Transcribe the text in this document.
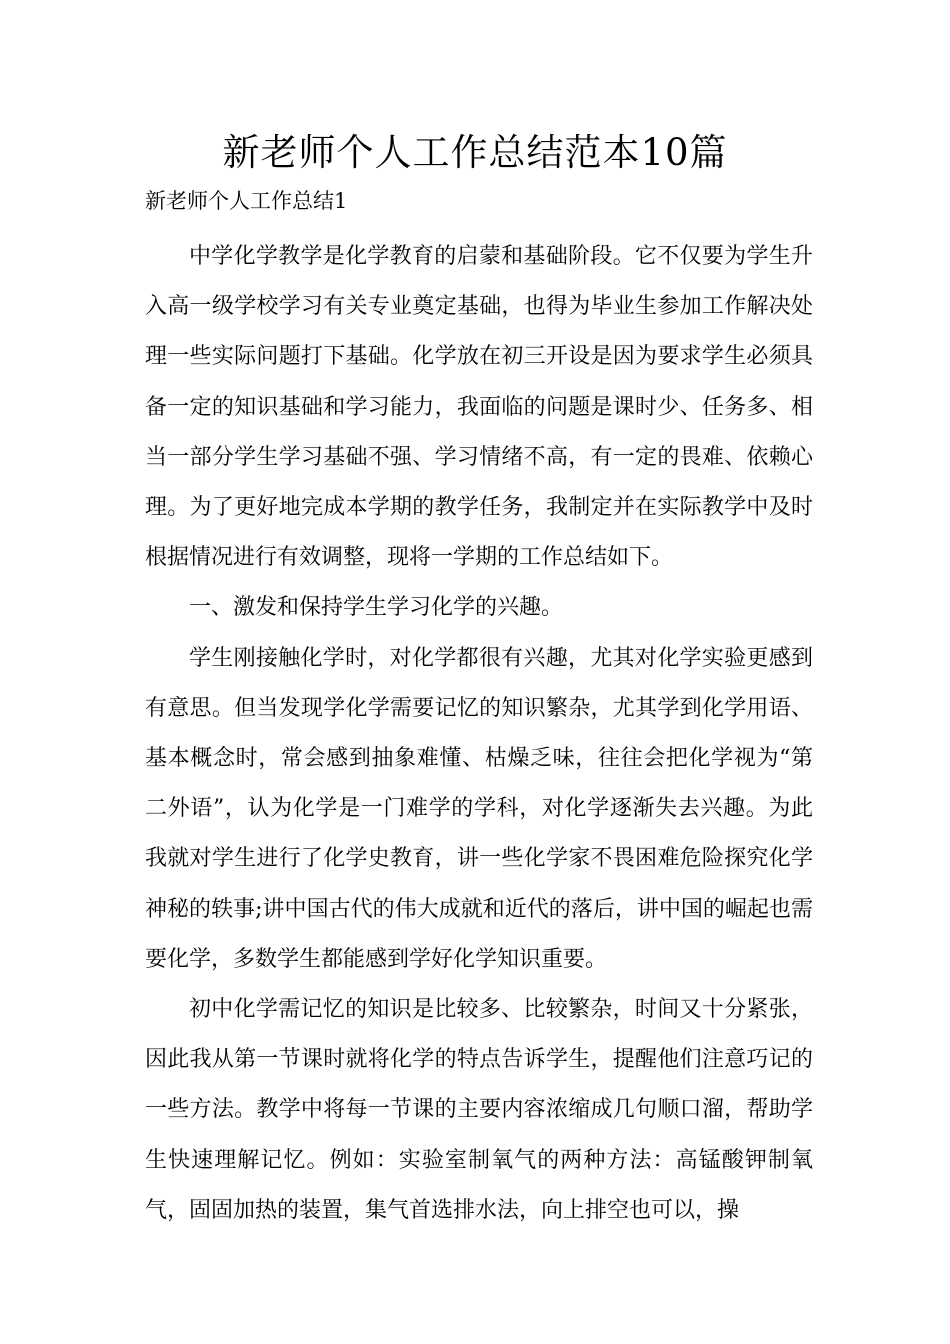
新老师个人工作总结范本10篇
新老师个人工作总结1

中学化学教学是化学教育的启蒙和基础阶段。它不仅要为学生升入高一级学校学习有关专业奠定基础，也得为毕业生参加工作解决处理一些实际问题打下基础。化学放在初三开设是因为要求学生必须具备一定的知识基础和学习能力，我面临的问题是课时少、任务多、相当一部分学生学习基础不强、学习情绪不高，有一定的畏难、依赖心理。为了更好地完成本学期的教学任务，我制定并在实际教学中及时根据情况进行有效调整，现将一学期的工作总结如下。

一、激发和保持学生学习化学的兴趣。

学生刚接触化学时，对化学都很有兴趣，尤其对化学实验更感到有意思。但当发现学化学需要记忆的知识繁杂，尤其学到化学用语、基本概念时，常会感到抽象难懂、枯燥乏味，往往会把化学视为“第二外语”，认为化学是一门难学的学科，对化学逐渐失去兴趣。为此我就对学生进行了化学史教育，讲一些化学家不畏困难危险探究化学神秘的轶事;讲中国古代的伟大成就和近代的落后，讲中国的崛起也需要化学，多数学生都能感到学好化学知识重要。

初中化学需记忆的知识是比较多、比较繁杂，时间又十分紧张，因此我从第一节课时就将化学的特点告诉学生，提醒他们注意巧记的一些方法。教学中将每一节课的主要内容浓缩成几句顺口溜，帮助学生快速理解记忆。例如：实验室制氧气的两种方法：高锰酸钾制氧气，固固加热的装置，集气首选排水法，向上排空也可以，操
